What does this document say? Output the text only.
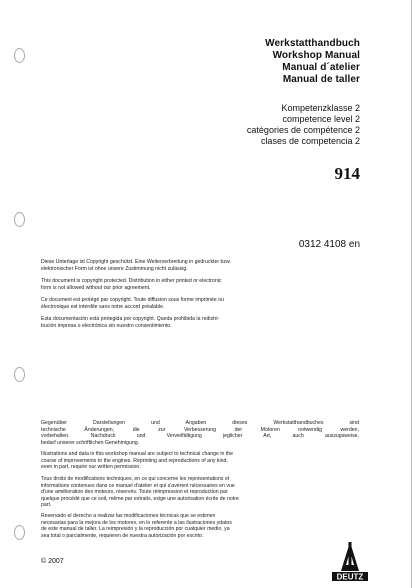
Werkstatthandbuch
Workshop Manual
Manual d´atelier
Manual de taller
Kompetenzklasse 2
competence level 2
catégories de compétence 2
clases de competencia 2
914
0312 4108 en
Diese Unterlage ist Copyright geschützt. Eine Weiterverbreitung in gedruckter bzw.
elektronischer Form ist ohne unsere Zustimmung nicht zulässig.
This document is copyright protected. Distribution in either printed or electronic
form is not allowed without our prior agreement.
Ce document est protégé par copyright. Toute diffusion sous forme imprimée ou
électronique est interdite sans notre accord préalable.
Esta documentación está protegida por copyright. Queda prohibida la redistri-
bución impresa o electrónica sin nuestro consentimiento.
Gegenüber Darstellungen und Angaben dieses Werkstatthandbuches sind
technische Änderungen, die zur Verbesserung der Motoren notwendig werden,
vorbehalten. Nachdruck und Vervielfältigung jeglicher Art, auch auszugsweise,
bedarf unserer schriftlichen Genehmigung.
Illustrations and data in this workshop manual are subject to technical change in the
course of improvements to the engines. Reprinting and reproductions of any kind,
even in part, require our written permission.
Tous droits de modifications techniques, en ce qui concerne les représentations et
informations contenues dans ce manuel d'atelier et qui s'avèrent nécessaires en vue
d'une amélioration des moteurs, réservés. Toute réimpression et reproduction par
quelque procédé que ce soit, même par extraits, exige une autorisation écrite de notre
part.
Reservado el derecho a realizar las modificaciones técnicas que se estimen
necesarias para la mejora de los motores, en lo referente a las ilustraciones ydatos
de este manual de taller. La reimpresión y la reproducción por cualquier medio, ya
sea total o parcialmente, requieren de nuestra autorización por escrito.
© 2007
DEUTZ
